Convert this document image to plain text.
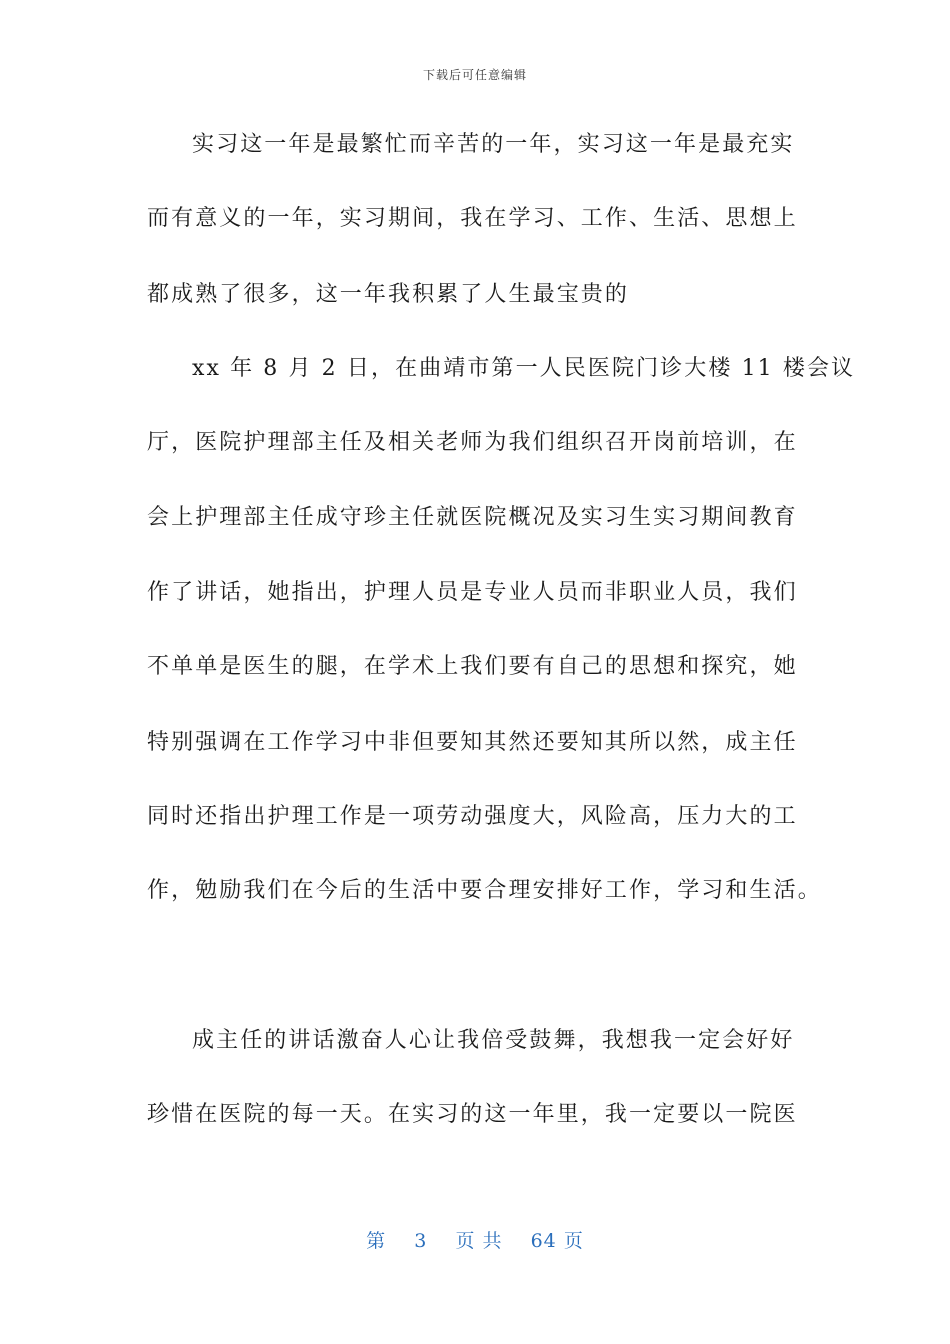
下载后可任意编辑
实习这一年是最繁忙而辛苦的一年，实习这一年是最充实
而有意义的一年，实习期间，我在学习、工作、生活、思想上
都成熟了很多，这一年我积累了人生最宝贵的
xx 年 8 月 2 日，在曲靖市第一人民医院门诊大楼 11 楼会议
厅，医院护理部主任及相关老师为我们组织召开岗前培训，在
会上护理部主任成守珍主任就医院概况及实习生实习期间教育
作了讲话，她指出，护理人员是专业人员而非职业人员，我们
不单单是医生的腿，在学术上我们要有自己的思想和探究，她
特别强调在工作学习中非但要知其然还要知其所以然，成主任
同时还指出护理工作是一项劳动强度大，风险高，压力大的工
作，勉励我们在今后的生活中要合理安排好工作，学习和生活。
成主任的讲话激奋人心让我倍受鼓舞，我想我一定会好好
珍惜在医院的每一天。在实习的这一年里，我一定要以一院医
第 3 页 共 64 页
